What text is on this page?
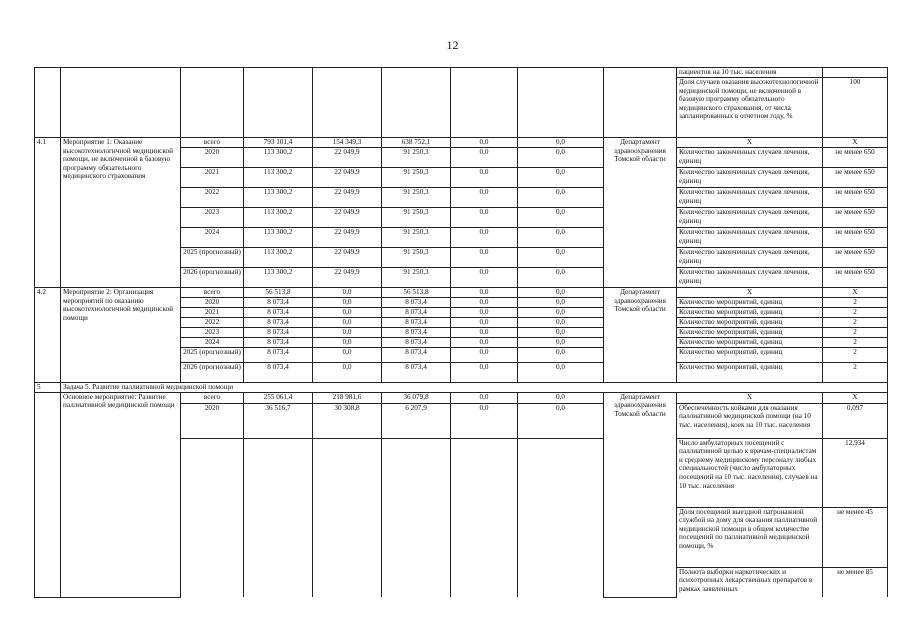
12
									пациентов на 10 тыс. населения	
									Доля случаев оказания высокотехнологичной медицинской помощи, не включенной в базовую программу обязательного медицинского страхования, от числа запланированных в отчетном году, %	100
4.1	Мероприятие 1: Оказание высокотехнологичной медицинской помощи, не включенной в базовую программу обязательного медицинского страхования	всего	793 101,4	154 349,3	638 752,1	0,0	0,0	Департамент здравоохранения Томской области	Х	Х
		2020	113 300,2	22 049,9	91 250,3	0,0	0,0		Количество законченных случаев лечения, единиц	не менее 650
		2021	113 300,2	22 049,9	91 250,3	0,0	0,0		Количество законченных случаев лечения, единиц	не менее 650
		2022	113 300,2	22 049,9	91 250,3	0,0	0,0		Количество законченных случаев лечения, единиц	не менее 650
		2023	113 300,2	22 049,9	91 250,3	0,0	0,0		Количество законченных случаев лечения, единиц	не менее 650
		2024	113 300,2	22 049,9	91 250,3	0,0	0,0		Количество законченных случаев лечения, единиц	не менее 650
		2025 (прогнозный)	113 300,2	22 049,9	91 250,3	0,0	0,0		Количество законченных случаев лечения, единиц	не менее 650
		2026 (прогнозный)	113 300,2	22 049,9	91 250,3	0,0	0,0		Количество законченных случаев лечения, единиц	не менее 650
4.2	Мероприятие 2: Организация мероприятий по оказанию высокотехнологичной медицинской помощи	всего	56 513,8	0,0	56 513,8	0,0	0,0	Департамент здравоохранения Томской области	Х	Х
		2020	8 073,4	0,0	8 073,4	0,0	0,0		Количество мероприятий, единиц	2
		2021	8 073,4	0,0	8 073,4	0,0	0,0		Количество мероприятий, единиц	2
		2022	8 073,4	0,0	8 073,4	0,0	0,0		Количество мероприятий, единиц	2
		2023	8 073,4	0,0	8 073,4	0,0	0,0		Количество мероприятий, единиц	2
		2024	8 073,4	0,0	8 073,4	0,0	0,0		Количество мероприятий, единиц	2
		2025 (прогнозный)	8 073,4	0,0	8 073,4	0,0	0,0		Количество мероприятий, единиц	2
		2026 (прогнозный)	8 073,4	0,0	8 073,4	0,0	0,0		Количество мероприятий, единиц	2
5	Задача 5. Развитие паллиативной медицинской помощи									
	Основное мероприятие: Развитие паллиативной медицинской помощи	всего	255 061,4	218 981,6	36 079,8	0,0	0,0	Департамент здравоохранения Томской области	Х	Х
		2020	36 516,7	30 308,8	6 207,9	0,0	0,0		Обеспеченность койками для оказания паллиативной медицинской помощи (на 10 тыс. населения), коек на 10 тыс. населения	0,097
									Число амбулаторных посещений с паллиативной целью к врачам-специалистам и среднему медицинскому персоналу любых специальностей (число амбулаторных посещений на 10 тыс. населения), случаев на 10 тыс. населения	12,934
									Доля посещений выездной патронажной службой на дому для оказания паллиативной медицинской помощи в общем количестве посещений по паллиативной медицинской помощи, %	не менее 45
									Полнота выборки наркотических и психотропных лекарственных препаратов в рамках заявленных	не менее 85
